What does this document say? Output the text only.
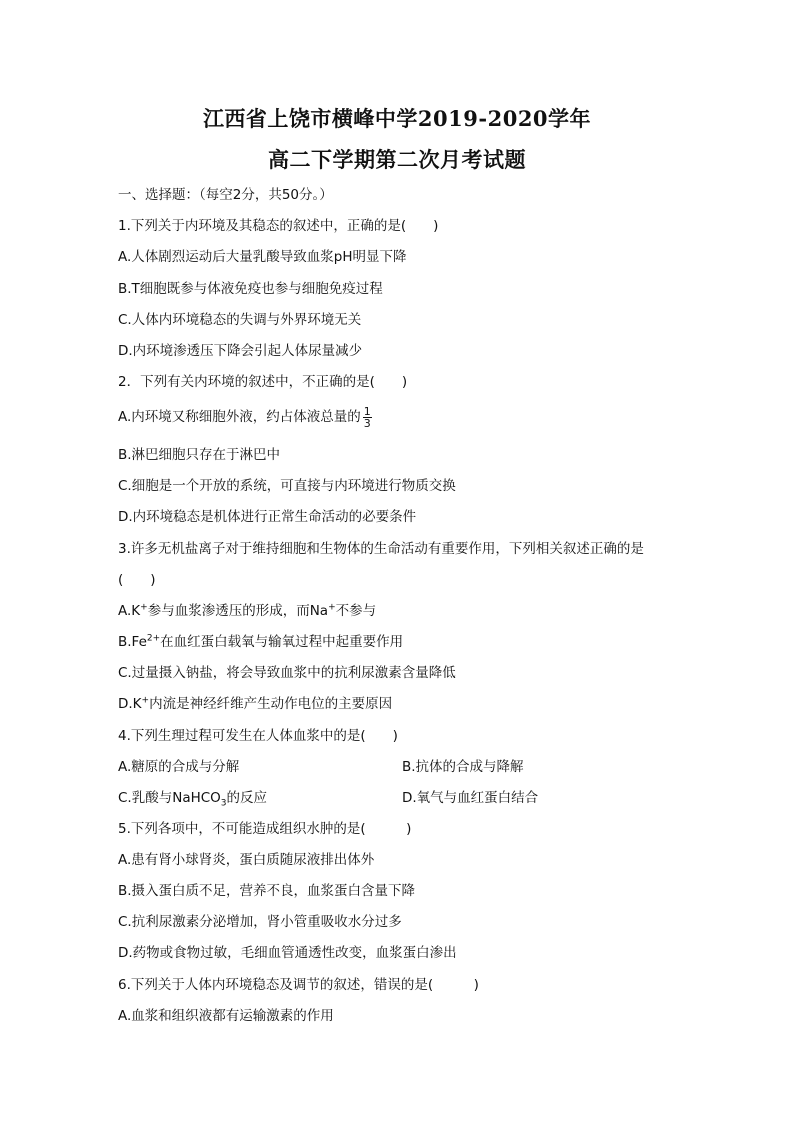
江西省上饶市横峰中学2019-2020学年
高二下学期第二次月考试题
一、选择题：（每空2分，共50分。）
1.下列关于内环境及其稳态的叙述中，正确的是(　　)
A.人体剧烈运动后大量乳酸导致血浆pH明显下降
B.T细胞既参与体液免疫也参与细胞免疫过程
C.人体内环境稳态的失调与外界环境无关
D.内环境渗透压下降会引起人体尿量减少
2．下列有关内环境的叙述中，不正确的是(　　)
A.内环境又称细胞外液，约占体液总量的 $\frac{1}{3}$
B.淋巴细胞只存在于淋巴中
C.细胞是一个开放的系统，可直接与内环境进行物质交换
D.内环境稳态是机体进行正常生命活动的必要条件
3.许多无机盐离子对于维持细胞和生物体的生命活动有重要作用，下列相关叙述正确的是
(　　)
A.K+参与血浆渗透压的形成，而Na+不参与
$B.Fe^{2+}$在血红蛋白载氧与输氧过程中起重要作用
C.过量摄入钠盐，将会导致血浆中的抗利尿激素含量降低
D.K+内流是神经纤维产生动作电位的主要原因
4.下列生理过程可发生在人体血浆中的是(　　)
A.糖原的合成与分解	B.抗体的合成与降解
C.乳酸与NaHCO$_3$的反应	D.氧气与血红蛋白结合
5.下列各项中，不可能造成组织水肿的是(　　　)
A.患有肾小球肾炎，蛋白质随尿液排出体外
B.摄入蛋白质不足，营养不良，血浆蛋白含量下降
C.抗利尿激素分泌增加，肾小管重吸收水分过多
D.药物或食物过敏，毛细血管通透性改变，血浆蛋白渗出
6.下列关于人体内环境稳态及调节的叙述，错误的是(　　　)
A.血浆和组织液都有运输激素的作用
